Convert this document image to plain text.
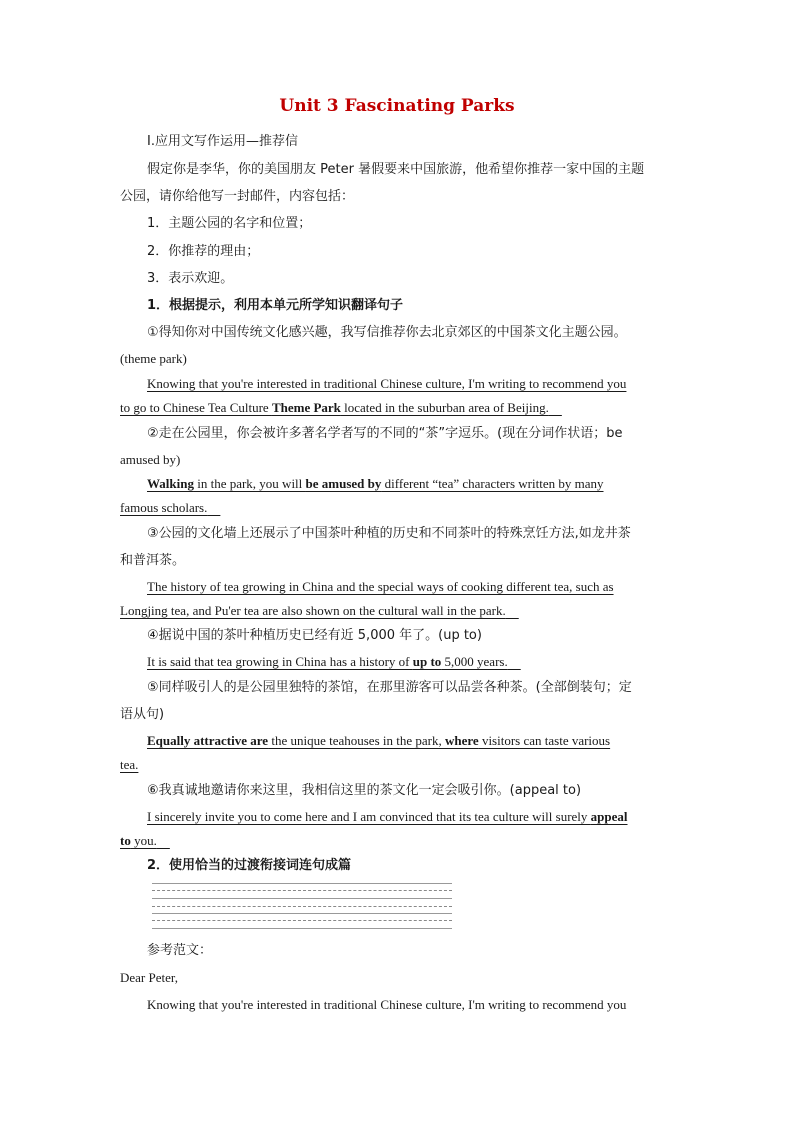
Unit 3 Fascinating Parks
Ⅰ.应用文写作运用—推荐信
假定你是李华，你的美国朋友 Peter 暑假要来中国旅游，他希望你推荐一家中国的主题
公园，请你给他写一封邮件，内容包括：
1．主题公园的名字和位置；
2．你推荐的理由；
3．表示欢迎。
1．根据提示，利用本单元所学知识翻译句子
①得知你对中国传统文化感兴趣，我写信推荐你去北京郊区的中国茶文化主题公园。
(theme park)
Knowing that you're interested in traditional Chinese culture, I'm writing to recommend you
to go to Chinese Tea Culture Theme Park located in the suburban area of Beijing.
②走在公园里，你会被许多著名学者写的不同的“茶”字逗乐。(现在分词作状语；be
amused by)
Walking in the park, you will be amused by different “tea” characters written by many
famous scholars.
③公园的文化墙上还展示了中国茶叶种植的历史和不同茶叶的特殊烹饪方法,如龙井茶
和普洱茶。
The history of tea growing in China and the special ways of cooking different tea, such as
Longjing tea, and Pu'er tea are also shown on the cultural wall in the park.
④据说中国的茶叶种植历史已经有近 5,000 年了。(up to)
It is said that tea growing in China has a history of up to 5,000 years.
⑤同样吸引人的是公园里独特的茶馆，在那里游客可以品尝各种茶。(全部倒装句；定
语从句)
Equally attractive are the unique teahouses in the park, where visitors can taste various
tea.
⑥我真诚地邀请你来这里，我相信这里的茶文化一定会吸引你。(appeal to)
I sincerely invite you to come here and I am convinced that its tea culture will surely appeal
to you.
2．使用恰当的过渡衔接词连句成篇
参考范文：
Dear Peter,
Knowing that you're interested in traditional Chinese culture, I'm writing to recommend you
